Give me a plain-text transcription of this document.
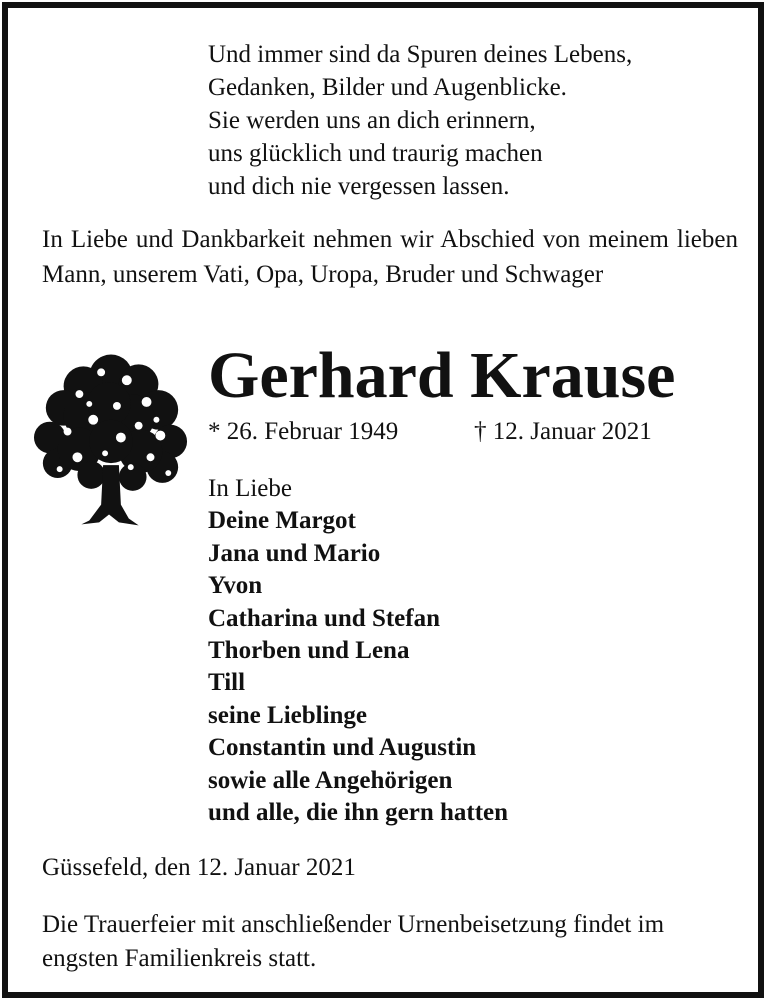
Und immer sind da Spuren deines Lebens,
Gedanken, Bilder und Augenblicke.
Sie werden uns an dich erinnern,
uns glücklich und traurig machen
und dich nie vergessen lassen.
In Liebe und Dankbarkeit nehmen wir Abschied von meinem lieben Mann, unserem Vati, Opa, Uropa, Bruder und Schwager
Gerhard Krause
* 26. Februar 1949	† 12. Januar 2021
In Liebe
Deine Margot
Jana und Mario
Yvon
Catharina und Stefan
Thorben und Lena
Till
seine Lieblinge
Constantin und Augustin
sowie alle Angehörigen
und alle, die ihn gern hatten
Güssefeld, den 12. Januar 2021
Die Trauerfeier mit anschließender Urnenbeisetzung findet im engsten Familienkreis statt.
